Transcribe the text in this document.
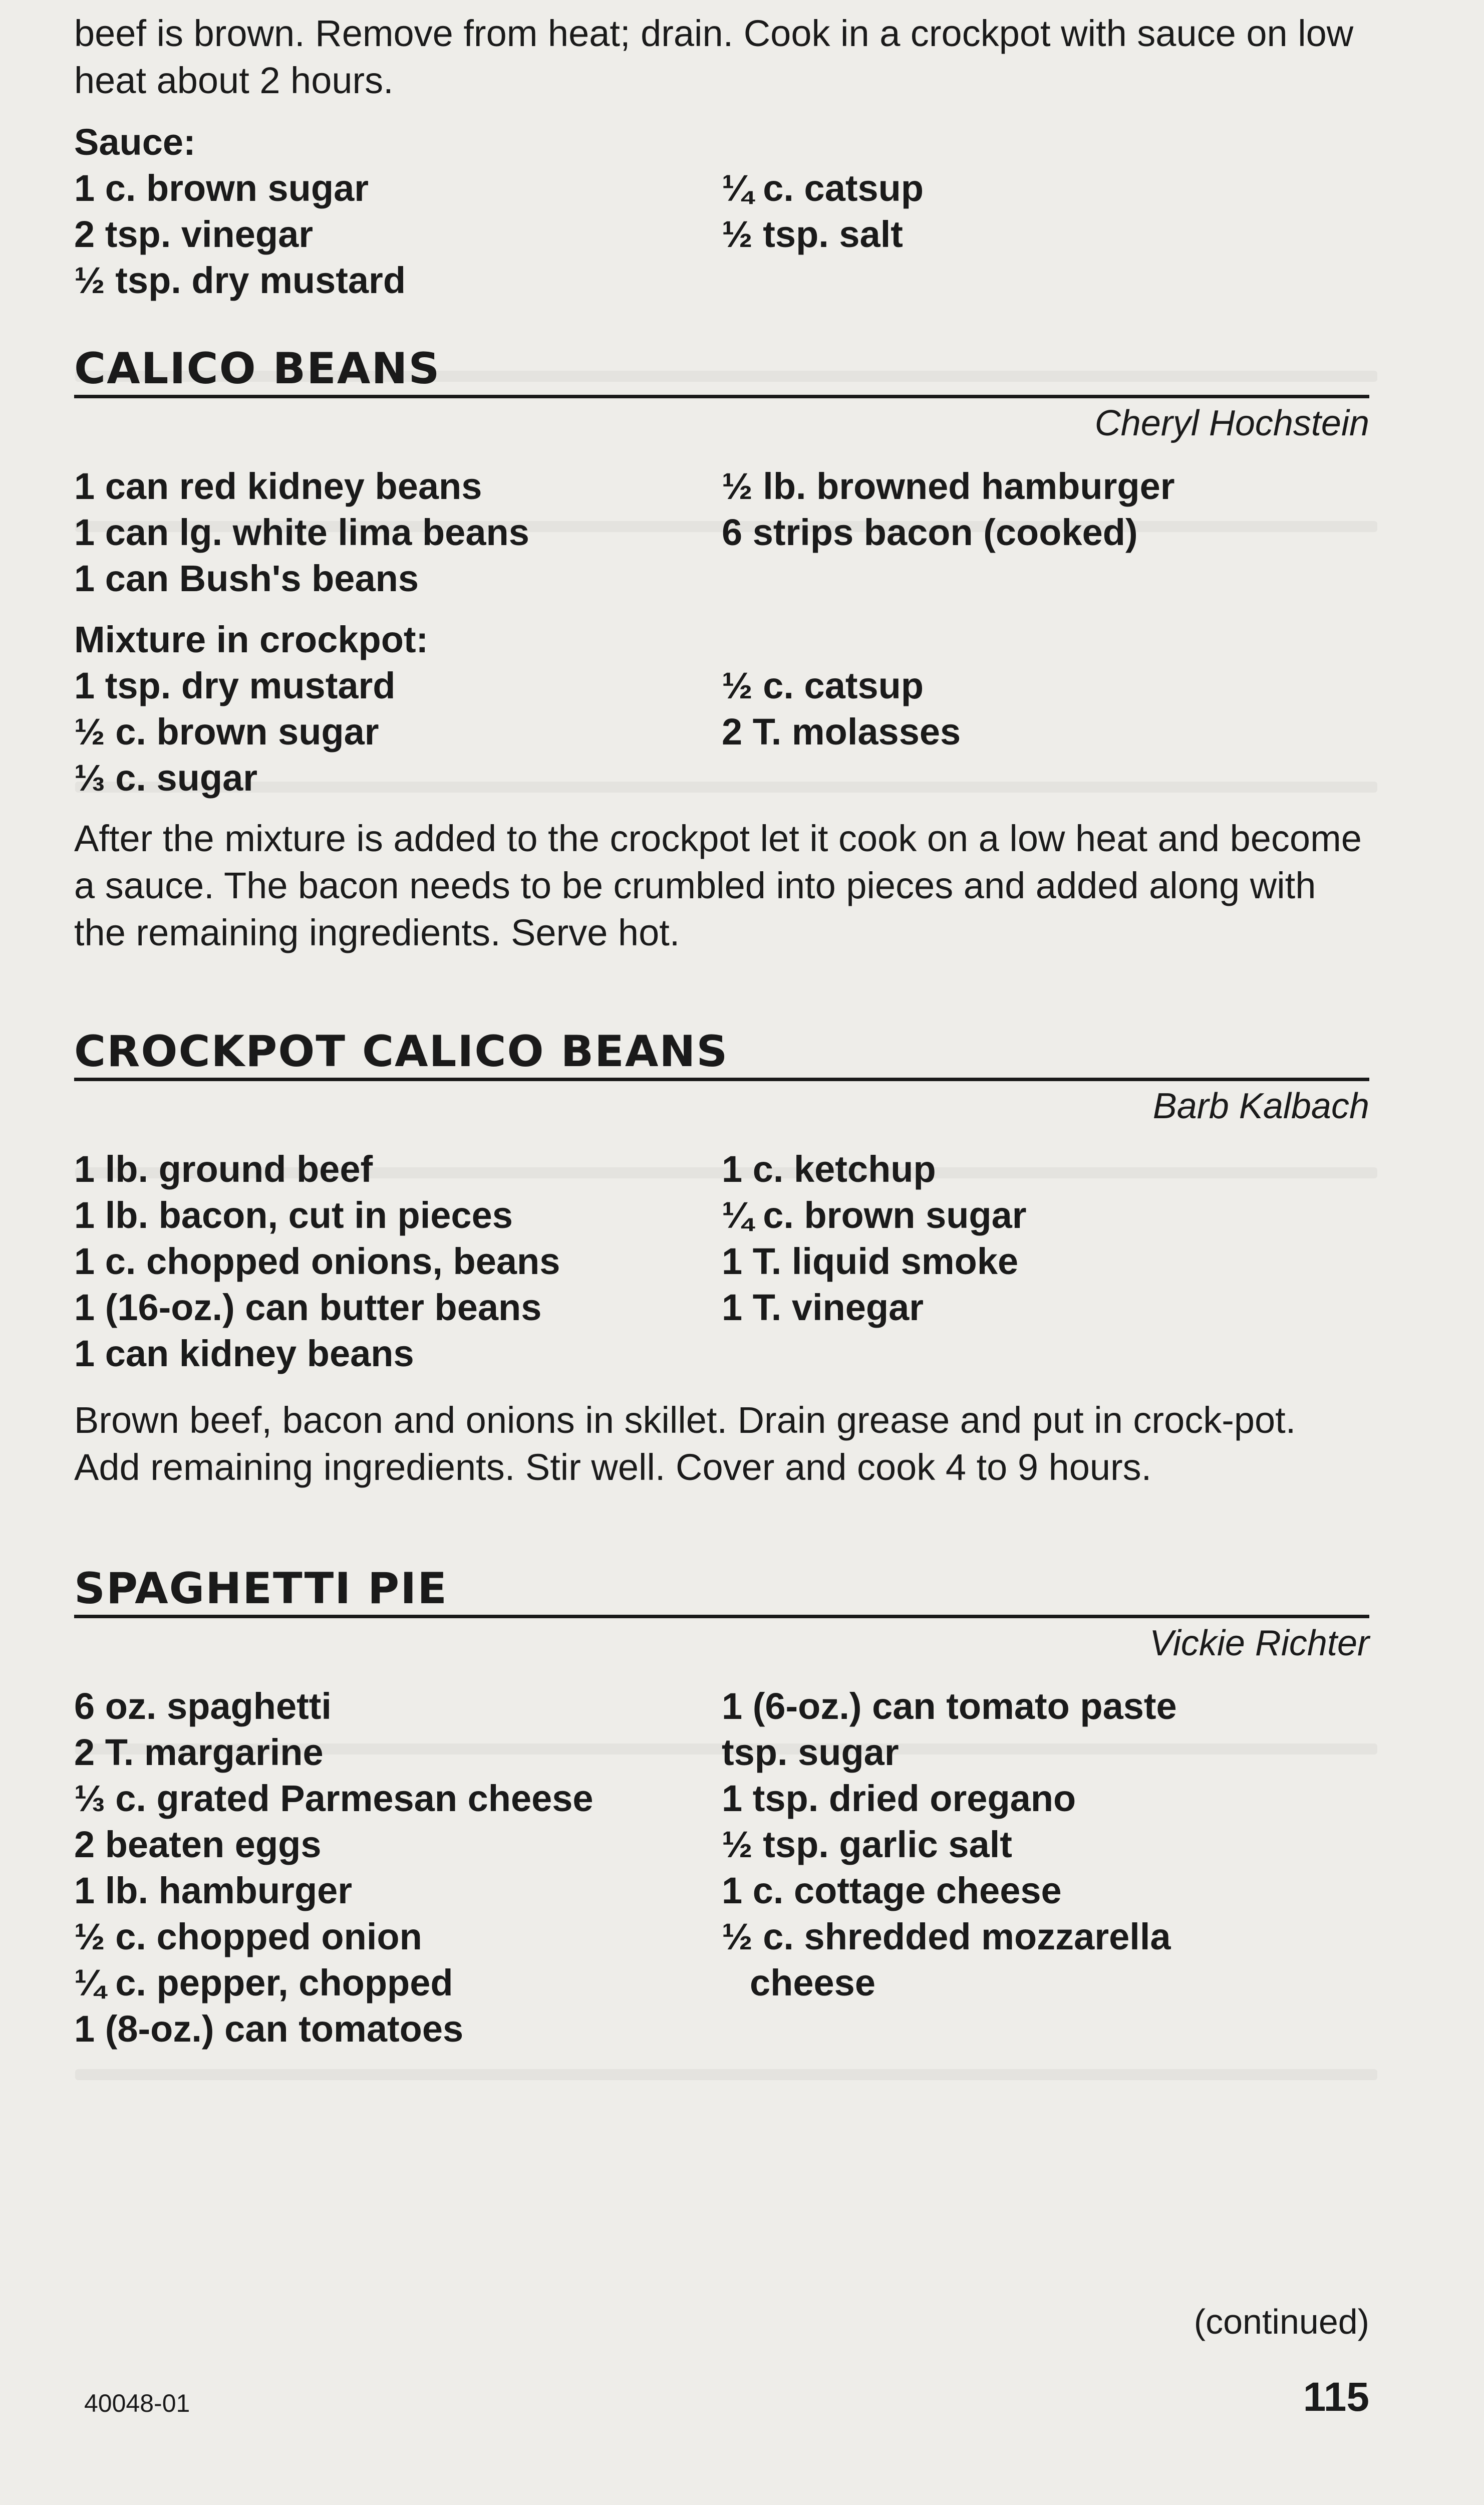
beef is brown. Remove from heat; drain. Cook in a crockpot with sauce on low heat about 2 hours.

Sauce:

1 c. brown sugar
2 tsp. vinegar
½ tsp. dry mustard
¼ c. catsup
½ tsp. salt
CALICO BEANS
Cheryl Hochstein
1 can red kidney beans
1 can lg. white lima beans
1 can Bush's beans
½ lb. browned hamburger
6 strips bacon (cooked)

Mixture in crockpot:

1 tsp. dry mustard
½ c. brown sugar
⅓ c. sugar
½ c. catsup
2 T. molasses

After the mixture is added to the crockpot let it cook on a low heat and become a sauce. The bacon needs to be crumbled into pieces and added along with the remaining ingredients. Serve hot.

CROCKPOT CALICO BEANS
Barb Kalbach
1 lb. ground beef
1 lb. bacon, cut in pieces
1 c. chopped onions, beans
1 (16-oz.) can butter beans
1 can kidney beans
1 c. ketchup
¼ c. brown sugar
1 T. liquid smoke
1 T. vinegar

Brown beef, bacon and onions in skillet. Drain grease and put in crock-pot. Add remaining ingredients. Stir well. Cover and cook 4 to 9 hours.

SPAGHETTI PIE
Vickie Richter
6 oz. spaghetti
2 T. margarine
⅓ c. grated Parmesan cheese
2 beaten eggs
1 lb. hamburger
½ c. chopped onion
¼ c. pepper, chopped
1 (8-oz.) can tomatoes
1 (6-oz.) can tomato paste
tsp. sugar
1 tsp. dried oregano
½ tsp. garlic salt
1 c. cottage cheese
½ c. shredded mozzarella
cheese
(continued)
40048-01	115
